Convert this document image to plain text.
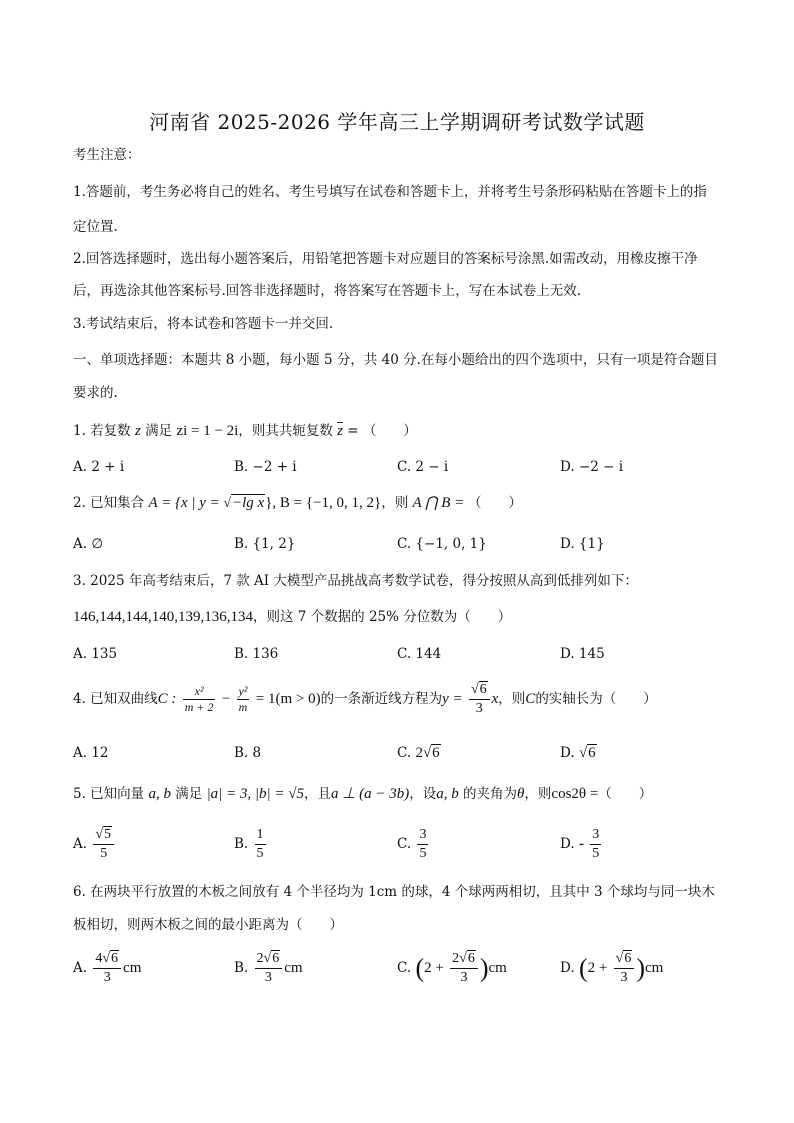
河南省 2025-2026 学年高三上学期调研考试数学试题
考生注意：
1.答题前，考生务必将自己的姓名、考生号填写在试卷和答题卡上，并将考生号条形码粘贴在答题卡上的指
定位置.
2.回答选择题时，选出每小题答案后，用铅笔把答题卡对应题目的答案标号涂黑.如需改动，用橡皮擦干净
后，再选涂其他答案标号.回答非选择题时，将答案写在答题卡上，写在本试卷上无效.
3.考试结束后，将本试卷和答题卡一并交回.
一、单项选择题：本题共 8 小题，每小题 5 分，共 40 分.在每小题给出的四个选项中，只有一项是符合题目
要求的.
1. 若复数 z 满足 zi = 1 − 2i，则其共轭复数 $\overline{z}$ = （　　）
A. 2 + i	B. −2 + i	C. 2 − i	D. −2 − i
2. 已知集合 A = {x | y = √−lg x}, B = {−1, 0, 1, 2}，则 A ⋂ B = （　　）
A. ∅	B. {1, 2}	C. {−1, 0, 1}	D. {1}
3. 2025 年高考结束后，7 款 AI 大模型产品挑战高考数学试卷，得分按照从高到低排列如下：
146,144,144,140,139,136,134，则这 7 个数据的 25% 分位数为（　　）
A. 135	B. 136	C. 144	D. 145
4. 已知双曲线C : $\frac{\text{x²}}{m + 2} - \frac{\text{y²}}{m} = 1(m > 0)$的一条渐近线方程为$y = \frac{√6}{3}$ x，则C的实轴长为（　　）
A. 12	B. 8	C. 2√6	D. √6
5. 已知向量 a, b 满足 |a| = 3, |b| = √5，且a ⊥ (a − 3b)，设a, b 的夹角为θ，则cos2θ =（　　）
A. $\frac{√5}{5}$	B. $\frac{1}{5}$	C. $\frac{3}{5}$	D. - $\frac{3}{5}$
6. 在两块平行放置的木板之间放有 4 个半径均为 1cm 的球，4 个球两两相切，且其中 3 个球均与同一块木
板相切，则两木板之间的最小距离为（　　）
A. $\frac{4√6}{3}$ cm	B. $\frac{2√6}{3}$ cm	C. $(2 + \frac{2√6}{3} )cm$	D. $(2 + \frac{√6}{3} )cm$
